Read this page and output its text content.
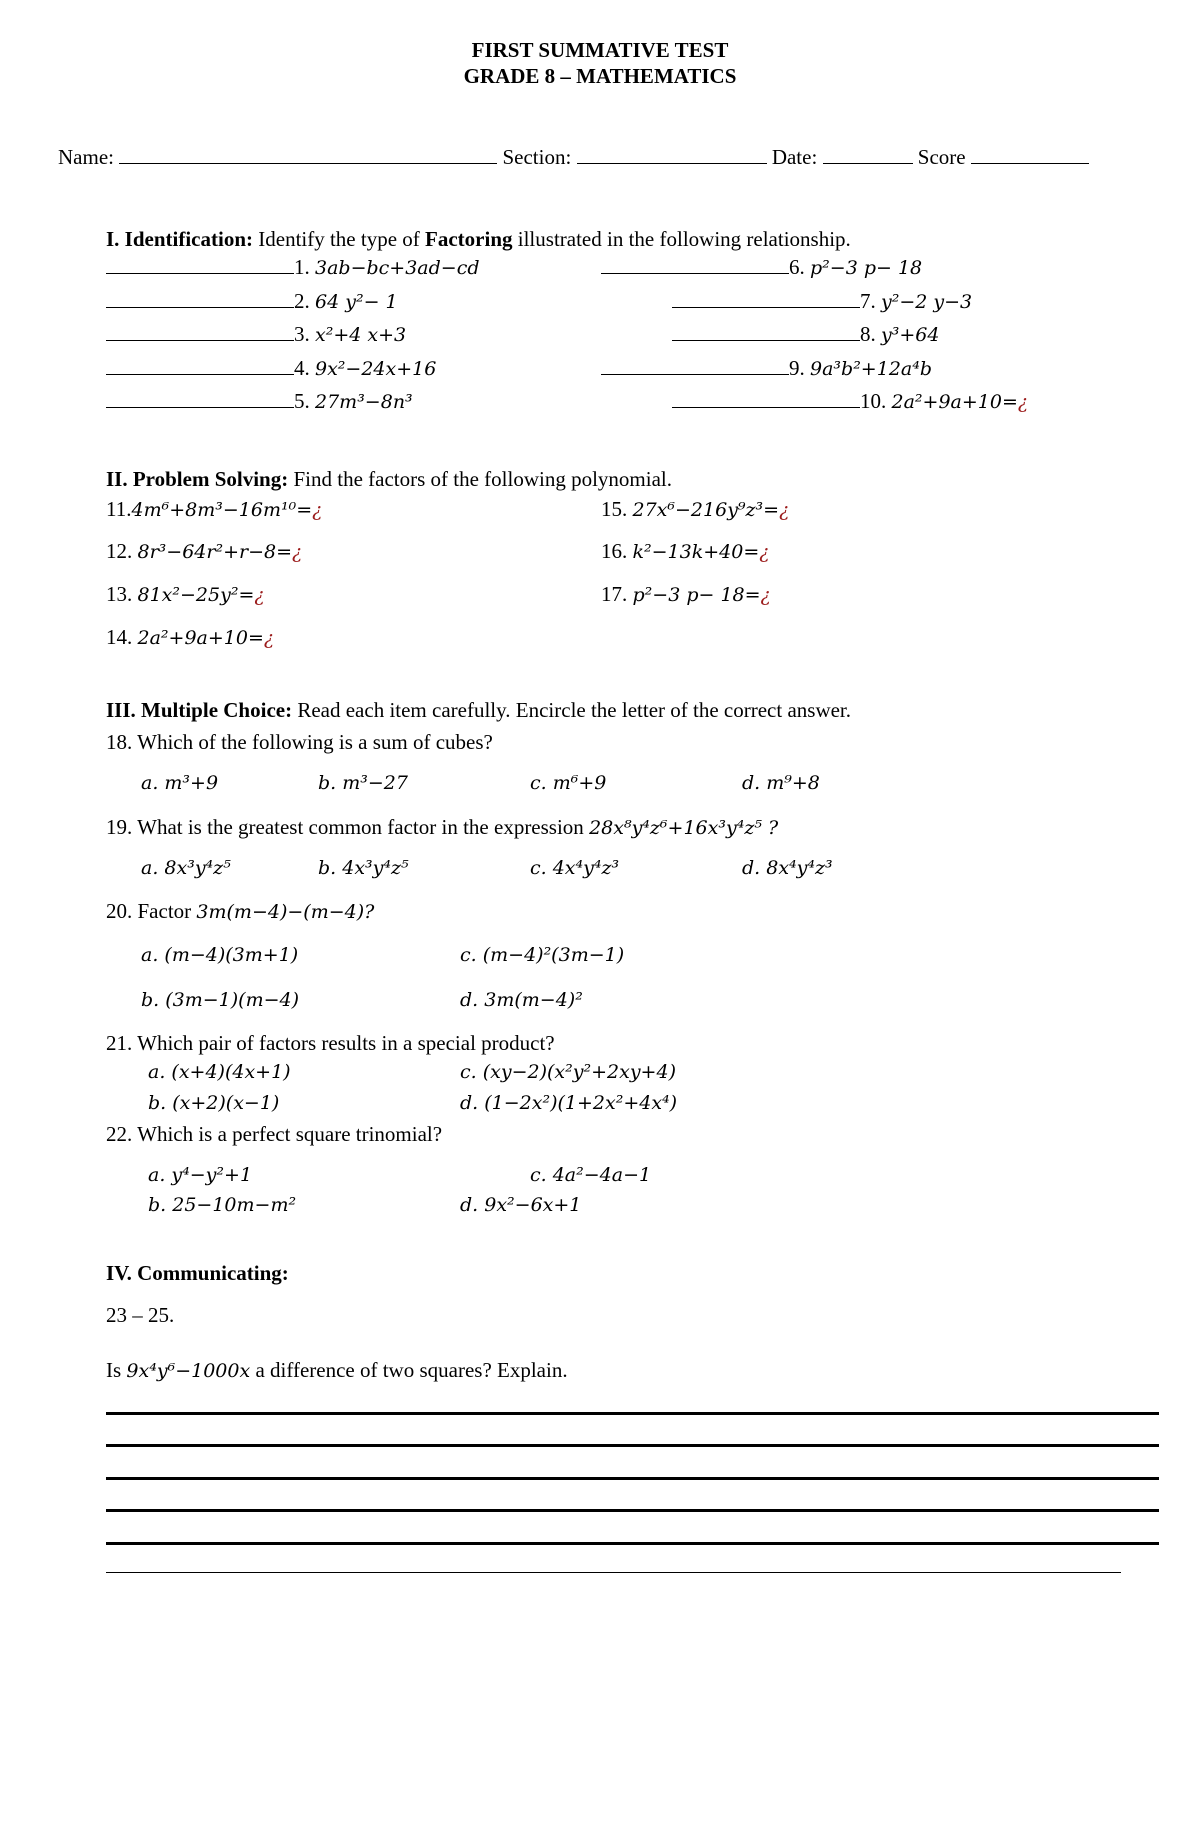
FIRST SUMMATIVE TEST
GRADE 8 – MATHEMATICS
Name:	Section:	Date:	Score
I. Identification: Identify the type of Factoring illustrated in the following relationship.
1. 3ab−bc+3ad−cd
2. 64 y²− 1
3. x²+4 x+3
4. 9x²−24x+16
5. 27m³−8n³
6. p²−3 p− 18
7. y²−2 y−3
8. y³+64
9. 9a³b²+12a⁴b
10. 2a²+9a+10=¿
II. Problem Solving: Find the factors of the following polynomial.
11.4m⁶+8m³−16m¹⁰=¿
12. 8r³−64r²+r−8=¿
13. 81x²−25y²=¿
14. 2a²+9a+10=¿
15. 27x⁶−216y⁹z³=¿
16. k²−13k+40=¿
17. p²−3 p− 18=¿
III. Multiple Choice: Read each item carefully. Encircle the letter of the correct answer.
18. Which of the following is a sum of cubes?
a. m³+9	b. m³−27	c. m⁶+9	d. m⁹+8
19. What is the greatest common factor in the expression 28x⁸y⁴z⁶+16x³y⁴z⁵ ?
a. 8x³y⁴z⁵	b. 4x³y⁴z⁵	c. 4x⁴y⁴z³	d. 8x⁴y⁴z³
20. Factor 3m(m−4)−(m−4)?
a. (m−4)(3m+1)	c. (m−4)²(3m−1)
b. (3m−1)(m−4)	d. 3m(m−4)²
21. Which pair of factors results in a special product?
a. (x+4)(4x+1)	c. (xy−2)(x²y²+2xy+4)
b. (x+2)(x−1)	d. (1−2x²)(1+2x²+4x⁴)
22. Which is a perfect square trinomial?
a. y⁴−y²+1	c. 4a²−4a−1
b. 25−10m−m²	d. 9x²−6x+1
IV. Communicating:
23 – 25.
Is 9x⁴y⁶−1000x a difference of two squares? Explain.
